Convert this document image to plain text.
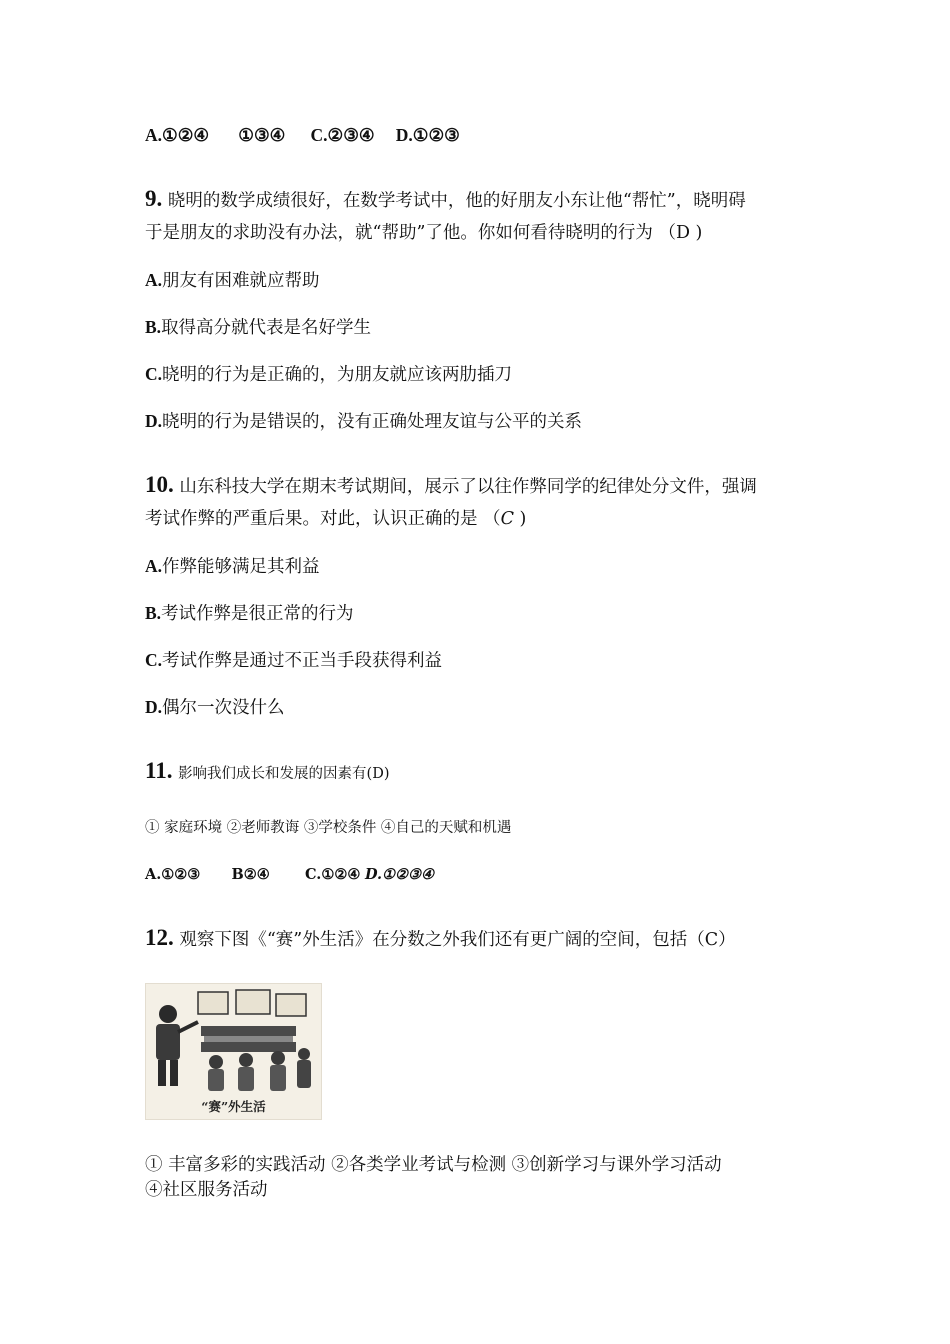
A.①②④ ①③④ C.②③④ D.①②③
9. 晓明的数学成绩很好，在数学考试中，他的好朋友小东让他“帮忙”，晓明碍
于是朋友的求助没有办法，就“帮助”了他。你如何看待晓明的行为 （D )
A.朋友有困难就应帮助
B.取得高分就代表是名好学生
C.晓明的行为是正确的，为朋友就应该两肋插刀
D.晓明的行为是错误的，没有正确处理友谊与公平的关系
10. 山东科技大学在期末考试期间，展示了以往作弊同学的纪律处分文件，强调
考试作弊的严重后果。对此，认识正确的是 （C )
A.作弊能够满足其利益
B.考试作弊是很正常的行为
C.考试作弊是通过不正当手段获得利益
D.偶尔一次没什么
11. 影响我们成长和发展的因素有(D)
① 家庭环境 ②老师教诲 ③学校条件 ④自己的天赋和机遇
A.①②③ B②④ C.①②④ D.①②③④
12. 观察下图《“赛”外生活》在分数之外我们还有更广阔的空间，包括（C）
“赛”外生活
① 丰富多彩的实践活动 ②各类学业考试与检测 ③创新学习与课外学习活动
④社区服务活动
